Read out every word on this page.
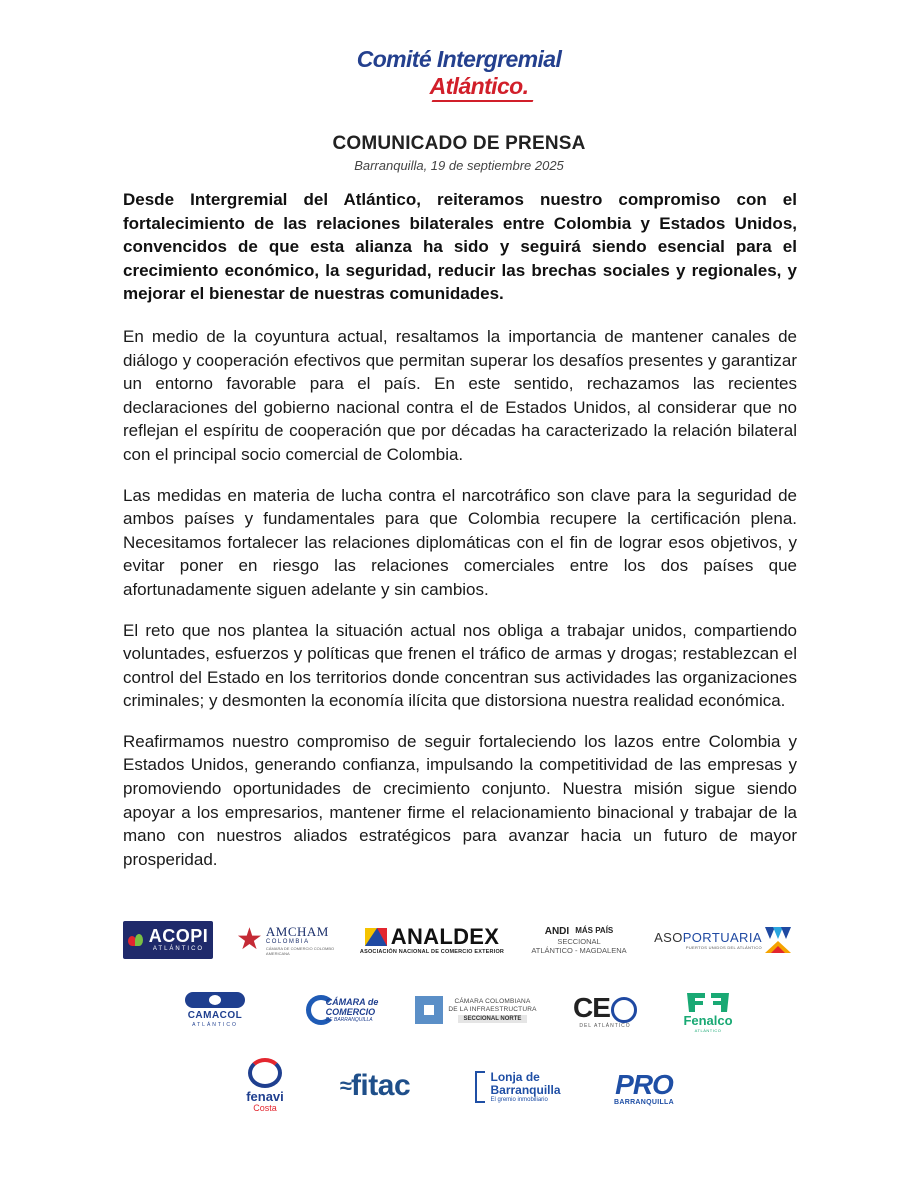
Comité Intergremial
Atlántico.
COMUNICADO DE PRENSA
Barranquilla, 19 de septiembre 2025

Desde Intergremial del Atlántico, reiteramos nuestro compromiso con el fortalecimiento de las relaciones bilaterales entre Colombia y Estados Unidos, convencidos de que esta alianza ha sido y seguirá siendo esencial para el crecimiento económico, la seguridad, reducir las brechas sociales y regionales, y mejorar el bienestar de nuestras comunidades.

En medio de la coyuntura actual, resaltamos la importancia de mantener canales de diálogo y cooperación efectivos que permitan superar los desafíos presentes y garantizar un entorno favorable para el país. En este sentido, rechazamos las recientes declaraciones del gobierno nacional contra el de Estados Unidos, al considerar que no reflejan el espíritu de cooperación que por décadas ha caracterizado la relación bilateral con el principal socio comercial de Colombia.

Las medidas en materia de lucha contra el narcotráfico son clave para la seguridad de ambos países y fundamentales para que Colombia recupere la certificación plena. Necesitamos fortalecer las relaciones diplomáticas con el fin de lograr esos objetivos, y evitar poner en riesgo las relaciones comerciales entre los dos países que afortunadamente siguen adelante y sin cambios.

El reto que nos plantea la situación actual nos obliga a trabajar unidos, compartiendo voluntades, esfuerzos y políticas que frenen el tráfico de armas y drogas; restablezcan el control del Estado en los territorios donde concentran sus actividades las organizaciones criminales; y desmonten la economía ilícita que distorsiona nuestra realidad económica.

Reafirmamos nuestro compromiso de seguir fortaleciendo los lazos entre Colombia y Estados Unidos, generando confianza, impulsando la competitividad de las empresas y promoviendo oportunidades de crecimiento conjunto. Nuestra misión sigue siendo apoyar a los empresarios, mantener firme el relacionamiento binacional y trabajar de la mano con nuestros aliados estratégicos para avanzar hacia un futuro de mayor prosperidad.

ACOPI
ATLÁNTICO ★ AMCHAM
COLOMBIA
CÁMARA DE COMERCIO COLOMBO AMERICANA
ANALDEX
ASOCIACIÓN NACIONAL DE COMERCIO EXTERIOR
ANDI MÁS PAÍS
SECCIONAL
ATLÁNTICO - MAGDALENA
ASOPORTUARIA
PUERTOS UNIDOS DEL ATLÁNTICO
CAMACOL
ATLÁNTICO
CÁMARA de
COMERCIO
DE BARRANQUILLA
CÁMARA COLOMBIANA
DE LA INFRAESTRUCTURA
SECCIONAL NORTE CE
DEL ATLÁNTICO	Fenalco
ATLÁNTICO
fenavi
Costa
≈ fitac	Lonja de
Barranquilla
El gremio inmobiliario
PRO
BARRANQUILLA
